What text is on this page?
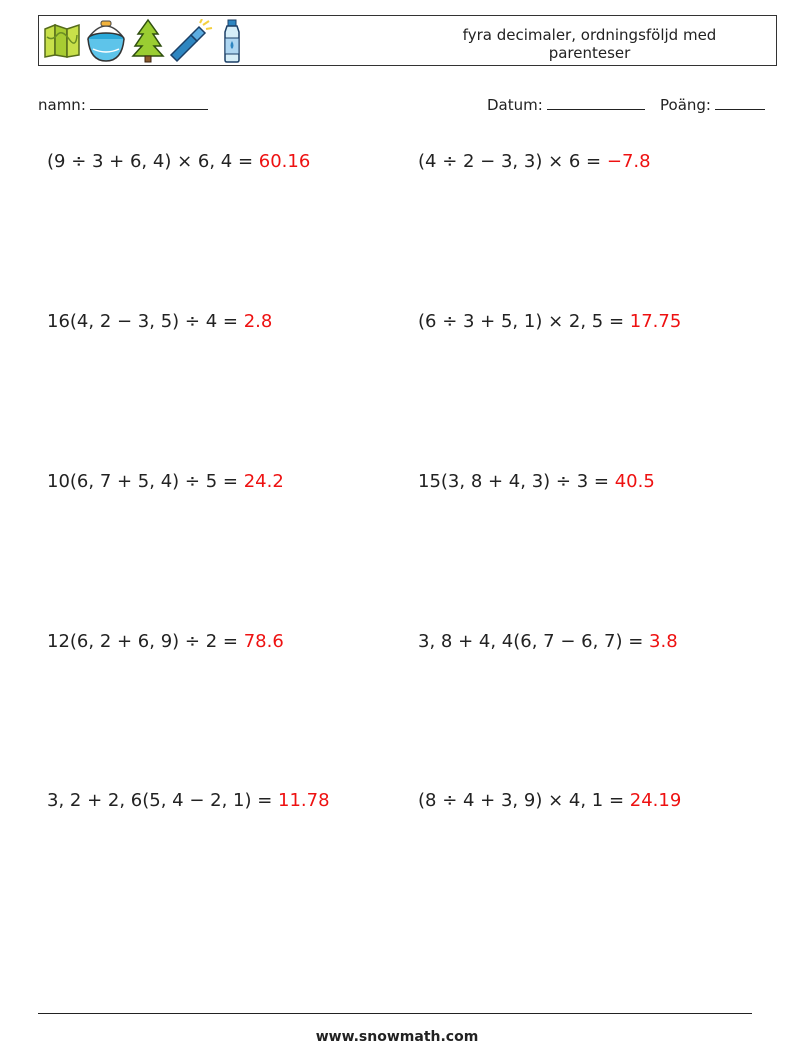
fyra decimaler, ordningsföljd med parenteser
namn:	Datum:	Poäng:
(9 ÷ 3 + 6, 4) × 6, 4 = 60.16	(4 ÷ 2 − 3, 3) × 6 = −7.8
16(4, 2 − 3, 5) ÷ 4 = 2.8	(6 ÷ 3 + 5, 1) × 2, 5 = 17.75
10(6, 7 + 5, 4) ÷ 5 = 24.2	15(3, 8 + 4, 3) ÷ 3 = 40.5
12(6, 2 + 6, 9) ÷ 2 = 78.6	3, 8 + 4, 4(6, 7 − 6, 7) = 3.8
3, 2 + 2, 6(5, 4 − 2, 1) = 11.78	(8 ÷ 4 + 3, 9) × 4, 1 = 24.19
www.snowmath.com
